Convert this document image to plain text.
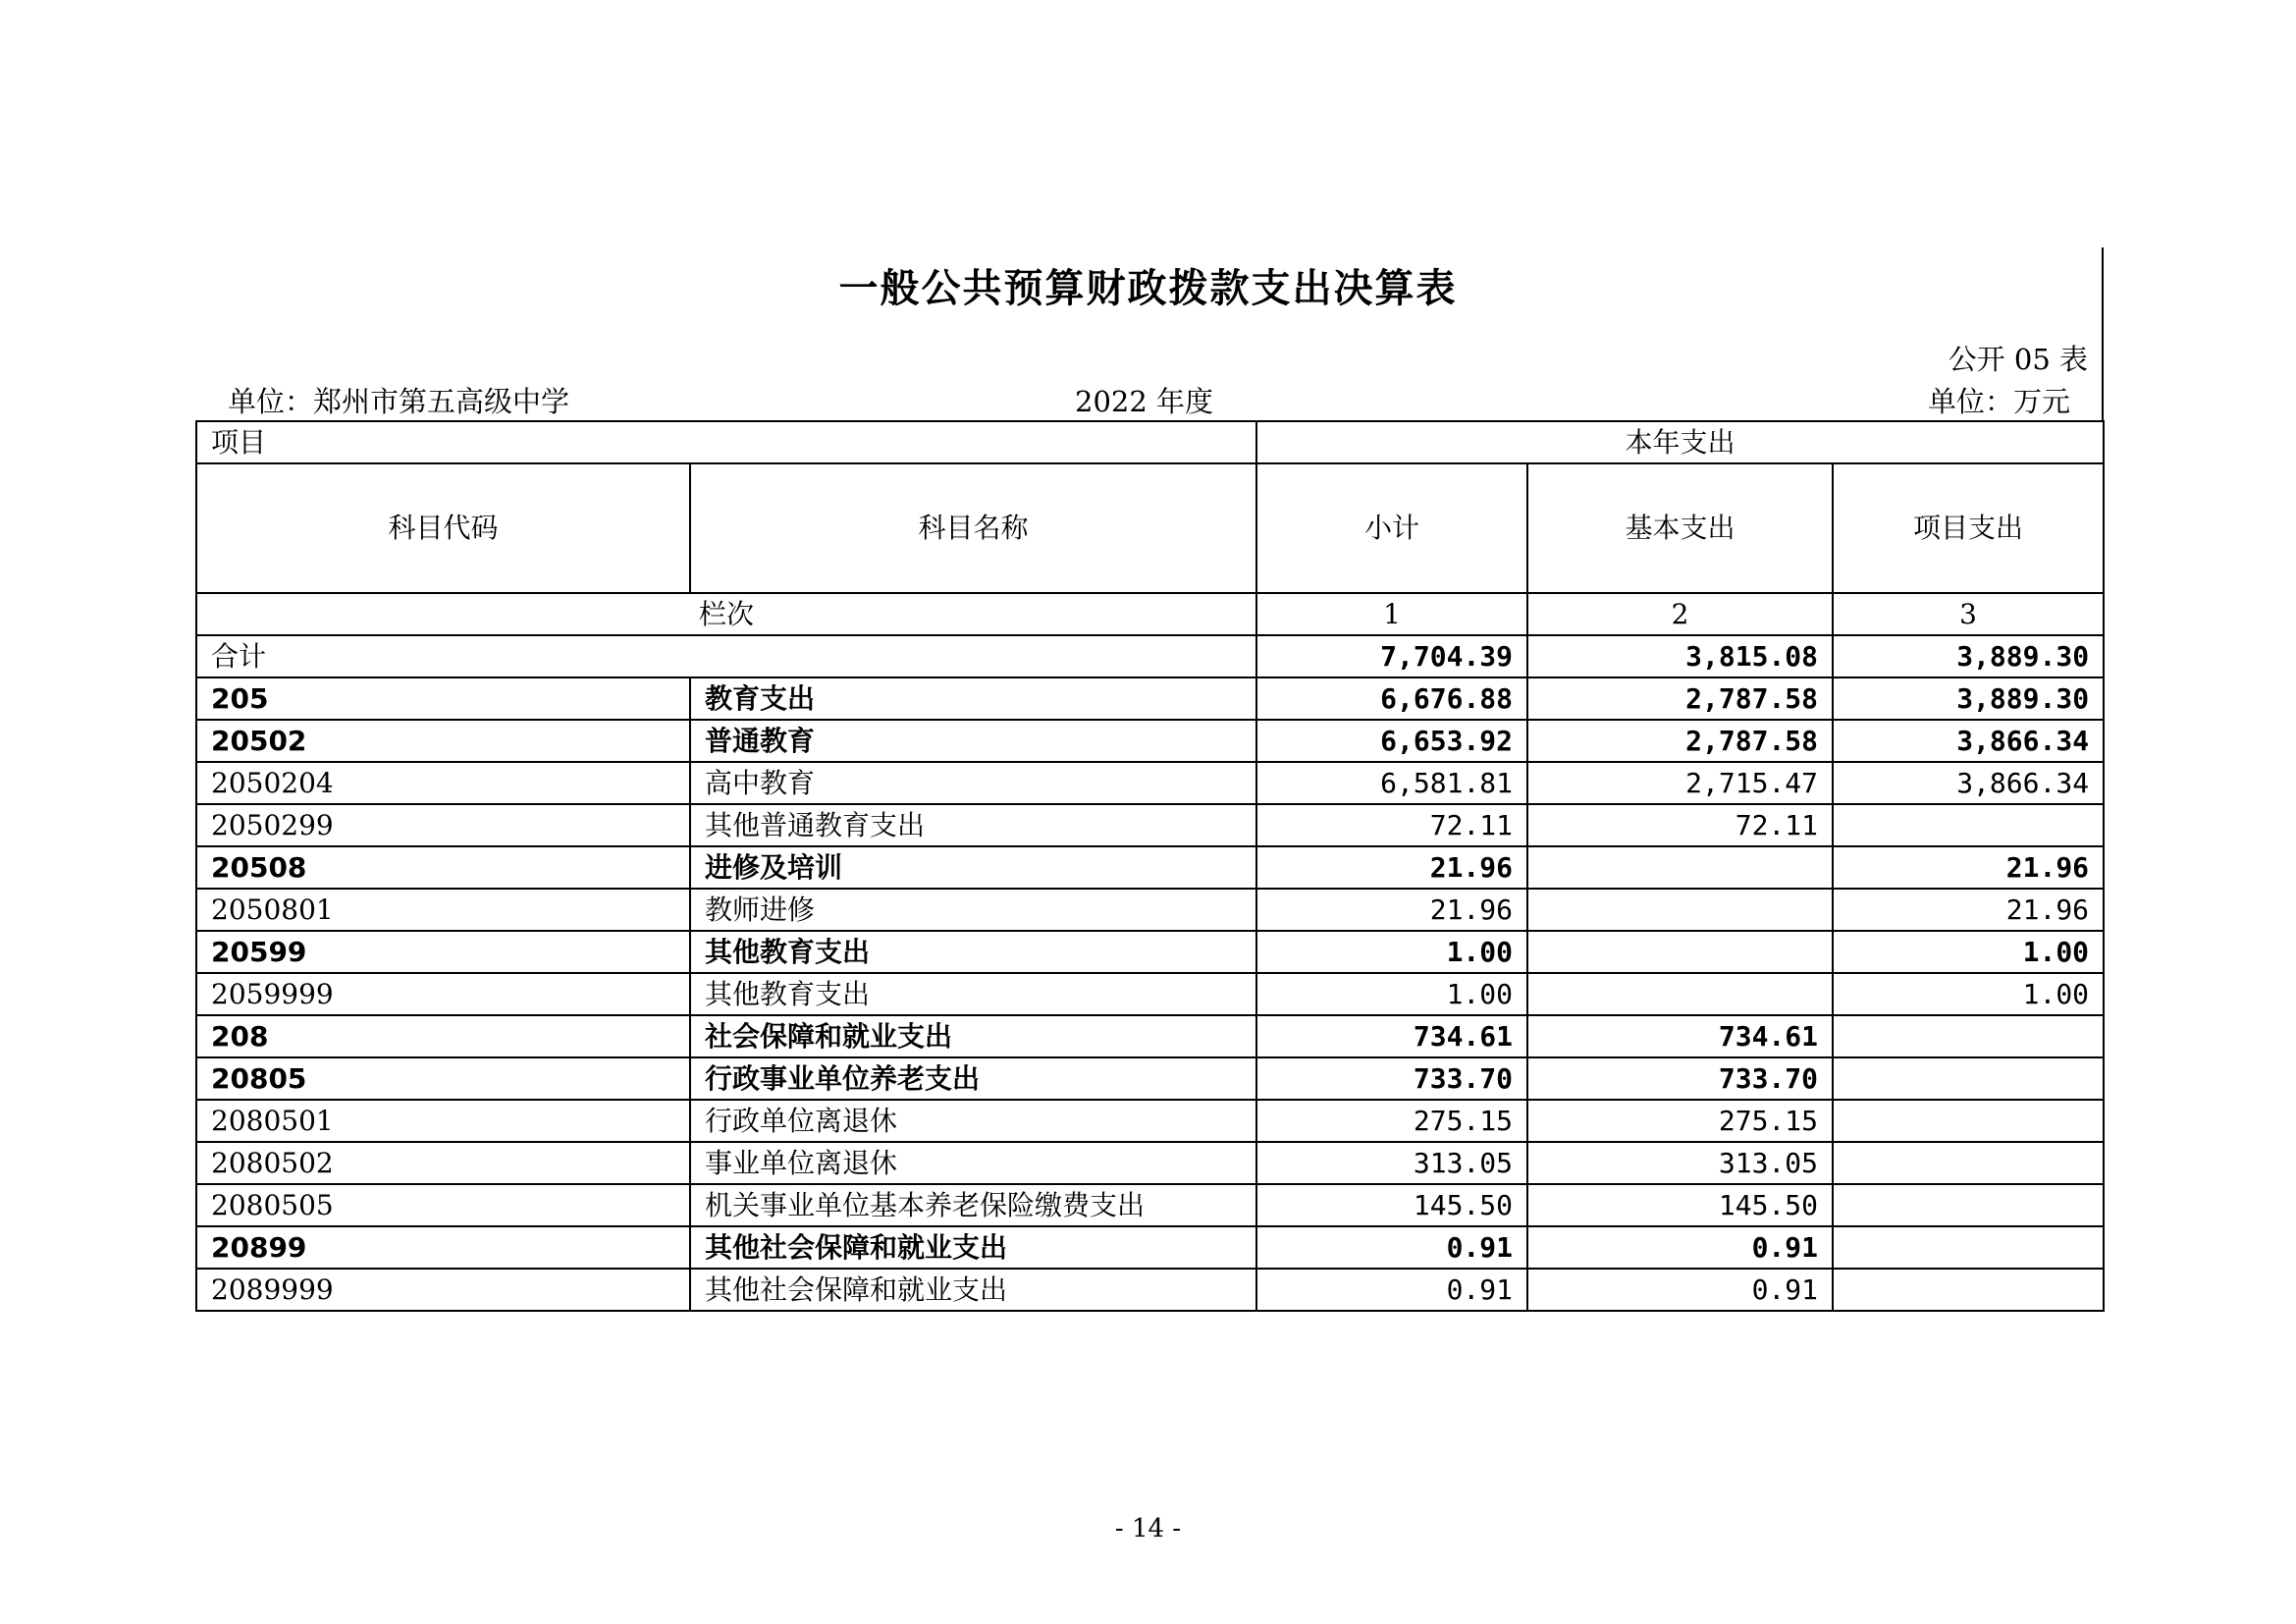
一般公共预算财政拨款支出决算表
公开 05 表
单位：郑州市第五高级中学	2022 年度	单位：万元
项目		本年支出		
科目代码	科目名称	小计	基本支出	项目支出
栏次		1	2	3
合计		7,704.39	3,815.08	3,889.30
205	教育支出	6,676.88	2,787.58	3,889.30
20502	普通教育	6,653.92	2,787.58	3,866.34
2050204	高中教育	6,581.81	2,715.47	3,866.34
2050299	其他普通教育支出	72.11	72.11	
20508	进修及培训	21.96		21.96
2050801	教师进修	21.96		21.96
20599	其他教育支出	1.00		1.00
2059999	其他教育支出	1.00		1.00
208	社会保障和就业支出	734.61	734.61	
20805	行政事业单位养老支出	733.70	733.70	
2080501	行政单位离退休	275.15	275.15	
2080502	事业单位离退休	313.05	313.05	
2080505	机关事业单位基本养老保险缴费支出	145.50	145.50	
20899	其他社会保障和就业支出	0.91	0.91	
2089999	其他社会保障和就业支出	0.91	0.91	
- 14 -
